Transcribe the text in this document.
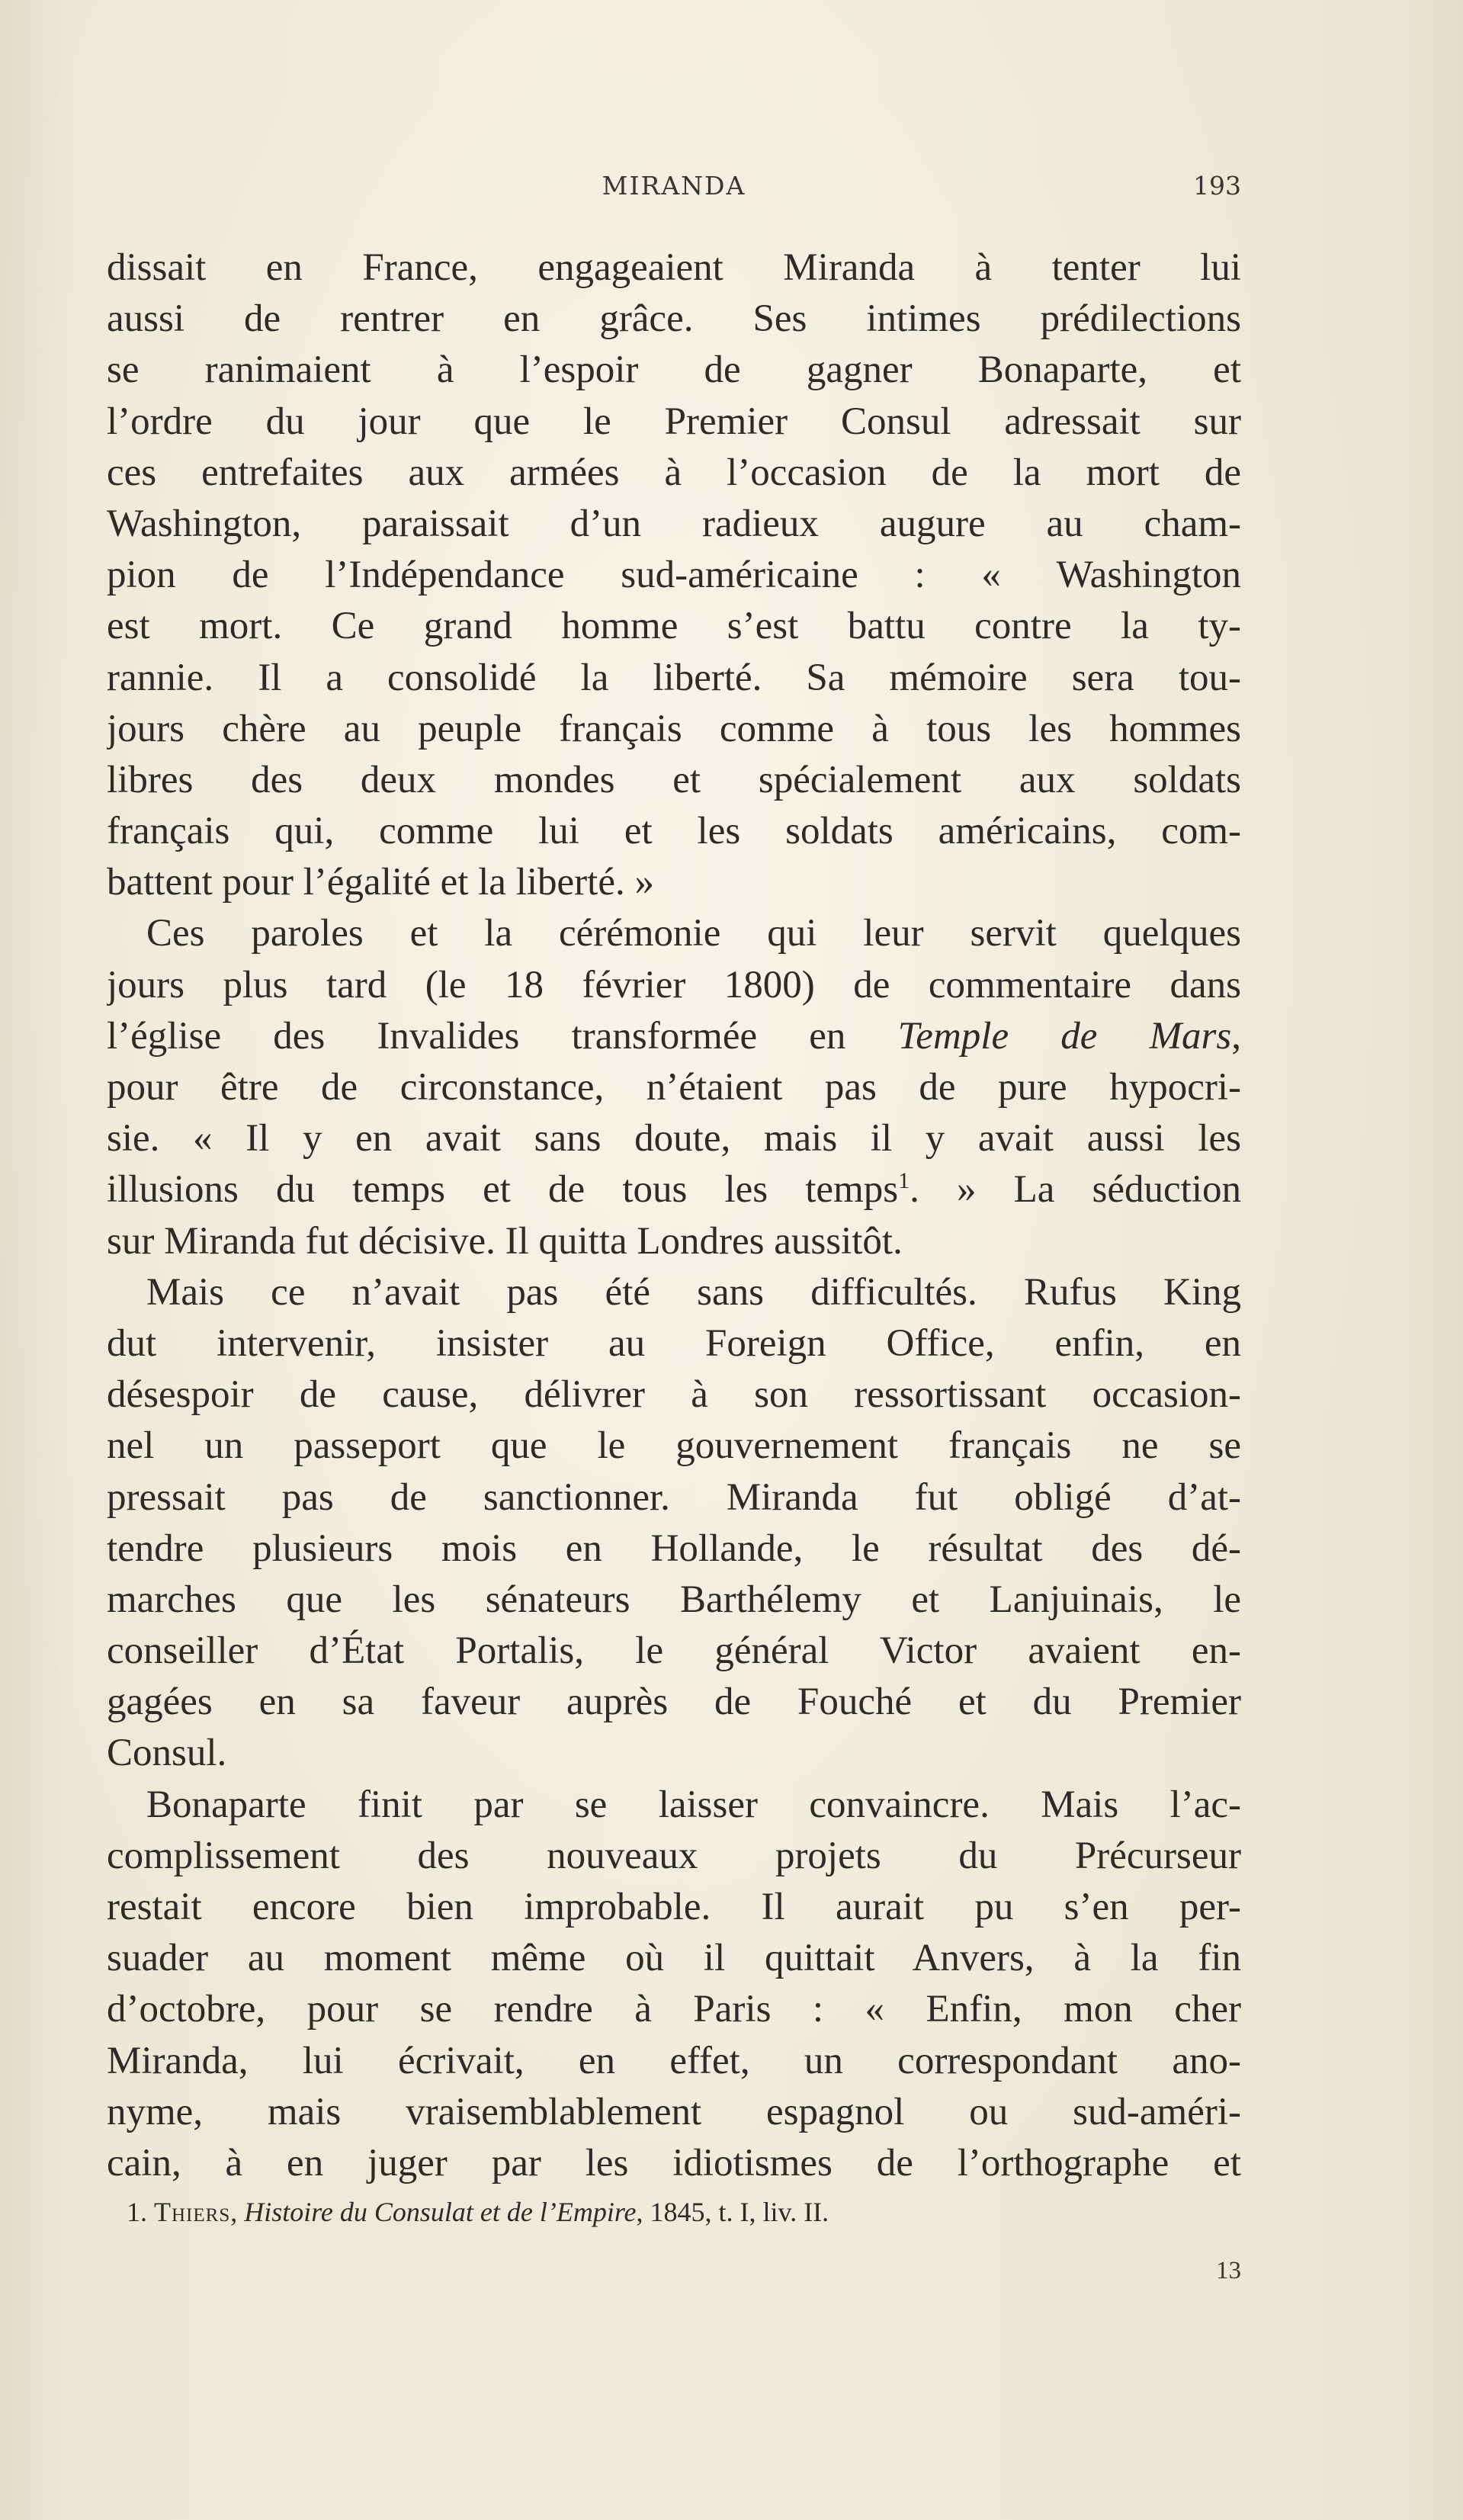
MIRANDA	193
dissait en France, engageaient Miranda à tenter lui
aussi de rentrer en grâce. Ses intimes prédilections
se ranimaient à l’espoir de gagner Bonaparte, et
l’ordre du jour que le Premier Consul adressait sur
ces entrefaites aux armées à l’occasion de la mort de
Washington, paraissait d’un radieux augure au cham-
pion de l’Indépendance sud-américaine : « Washington
est mort. Ce grand homme s’est battu contre la ty-
rannie. Il a consolidé la liberté. Sa mémoire sera tou-
jours chère au peuple français comme à tous les hommes
libres des deux mondes et spécialement aux soldats
français qui, comme lui et les soldats américains, com-
battent pour l’égalité et la liberté. »
Ces paroles et la cérémonie qui leur servit quelques
jours plus tard (le 18 février 1800) de commentaire dans
l’église des Invalides transformée en Temple de Mars,
pour être de circonstance, n’étaient pas de pure hypocri-
sie. « Il y en avait sans doute, mais il y avait aussi les
illusions du temps et de tous les temps$^1$. » La séduction
sur Miranda fut décisive. Il quitta Londres aussitôt.
Mais ce n’avait pas été sans difficultés. Rufus King
dut intervenir, insister au Foreign Office, enfin, en
désespoir de cause, délivrer à son ressortissant occasion-
nel un passeport que le gouvernement français ne se
pressait pas de sanctionner. Miranda fut obligé d’at-
tendre plusieurs mois en Hollande, le résultat des dé-
marches que les sénateurs Barthélemy et Lanjuinais, le
conseiller d’État Portalis, le général Victor avaient en-
gagées en sa faveur auprès de Fouché et du Premier
Consul.
Bonaparte finit par se laisser convaincre. Mais l’ac-
complissement des nouveaux projets du Précurseur
restait encore bien improbable. Il aurait pu s’en per-
suader au moment même où il quittait Anvers, à la fin
d’octobre, pour se rendre à Paris : « Enfin, mon cher
Miranda, lui écrivait, en effet, un correspondant ano-
nyme, mais vraisemblablement espagnol ou sud-améri-
cain, à en juger par les idiotismes de l’orthographe et
1. Thiers, Histoire du Consulat et de l’Empire, 1845, t. I, liv. II.
13
